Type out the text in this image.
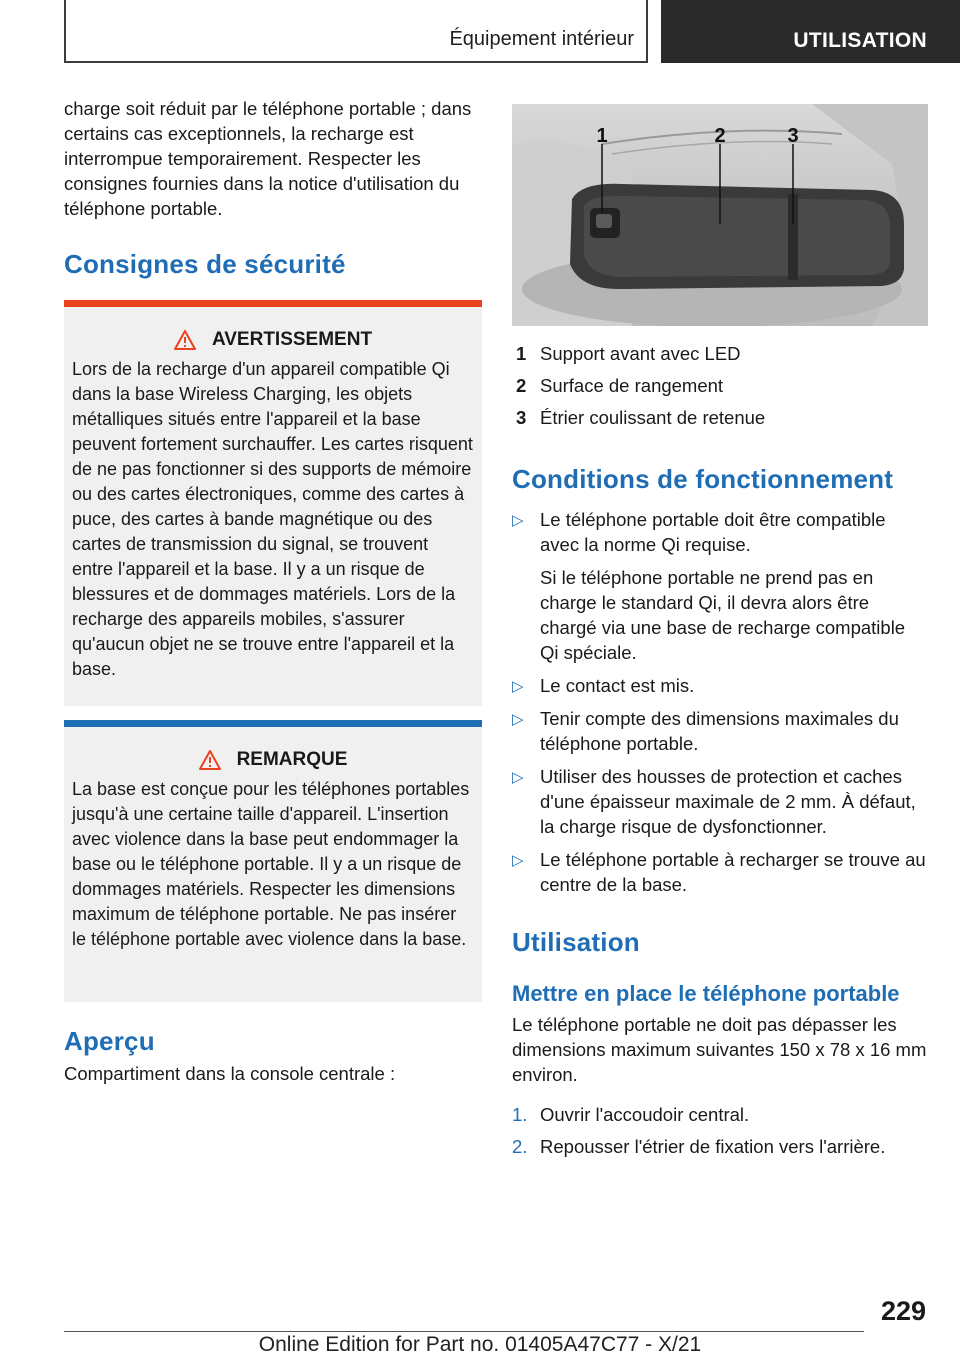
Équipement intérieur	UTILISATION

charge soit réduit par le téléphone portable ; dans certains cas exceptionnels, la recharge est interrompue temporairement. Respecter les consignes fournies dans la notice d'utilisation du téléphone portable.

Consignes de sécurité
AVERTISSEMENT

Lors de la recharge d'un appareil compatible Qi dans la base Wireless Charging, les objets métalliques situés entre l'appareil et la base peuvent fortement surchauffer. Les cartes risquent de ne pas fonctionner si des supports de mémoire ou des cartes électroniques, comme des cartes à puce, des cartes à bande magnétique ou des cartes de transmission du signal, se trouvent entre l'appareil et la base. Il y a un risque de blessures et de dommages matériels. Lors de la recharge des appareils mobiles, s'assurer qu'aucun objet ne se trouve entre l'appareil et la base.

REMARQUE

La base est conçue pour les téléphones portables jusqu'à une certaine taille d'appareil. L'insertion avec violence dans la base peut endommager la base ou le téléphone portable. Il y a un risque de dommages matériels. Respecter les dimensions maximum de téléphone portable. Ne pas insérer le téléphone portable avec violence dans la base.

Aperçu

Compartiment dans la console centrale :

1	2	3
1 Support avant avec LED
2 Surface de rangement
3 Étrier coulissant de retenue
Conditions de fonctionnement
▷ Le téléphone portable doit être compatible avec la norme Qi requise.
Si le téléphone portable ne prend pas en charge le standard Qi, il devra alors être chargé via une base de recharge compatible Qi spéciale.
▷ Le contact est mis.
▷ Tenir compte des dimensions maximales du téléphone portable.
▷ Utiliser des housses de protection et caches d'une épaisseur maximale de 2 mm. À défaut, la charge risque de dysfonctionner.
▷ Le téléphone portable à recharger se trouve au centre de la base.
Utilisation
Mettre en place le téléphone portable

Le téléphone portable ne doit pas dépasser les dimensions maximum suivantes 150 x 78 x 16 mm environ.

1. Ouvrir l'accoudoir central.
2. Repousser l'étrier de fixation vers l'arrière.
229
Online Edition for Part no. 01405A47C77 - X/21
